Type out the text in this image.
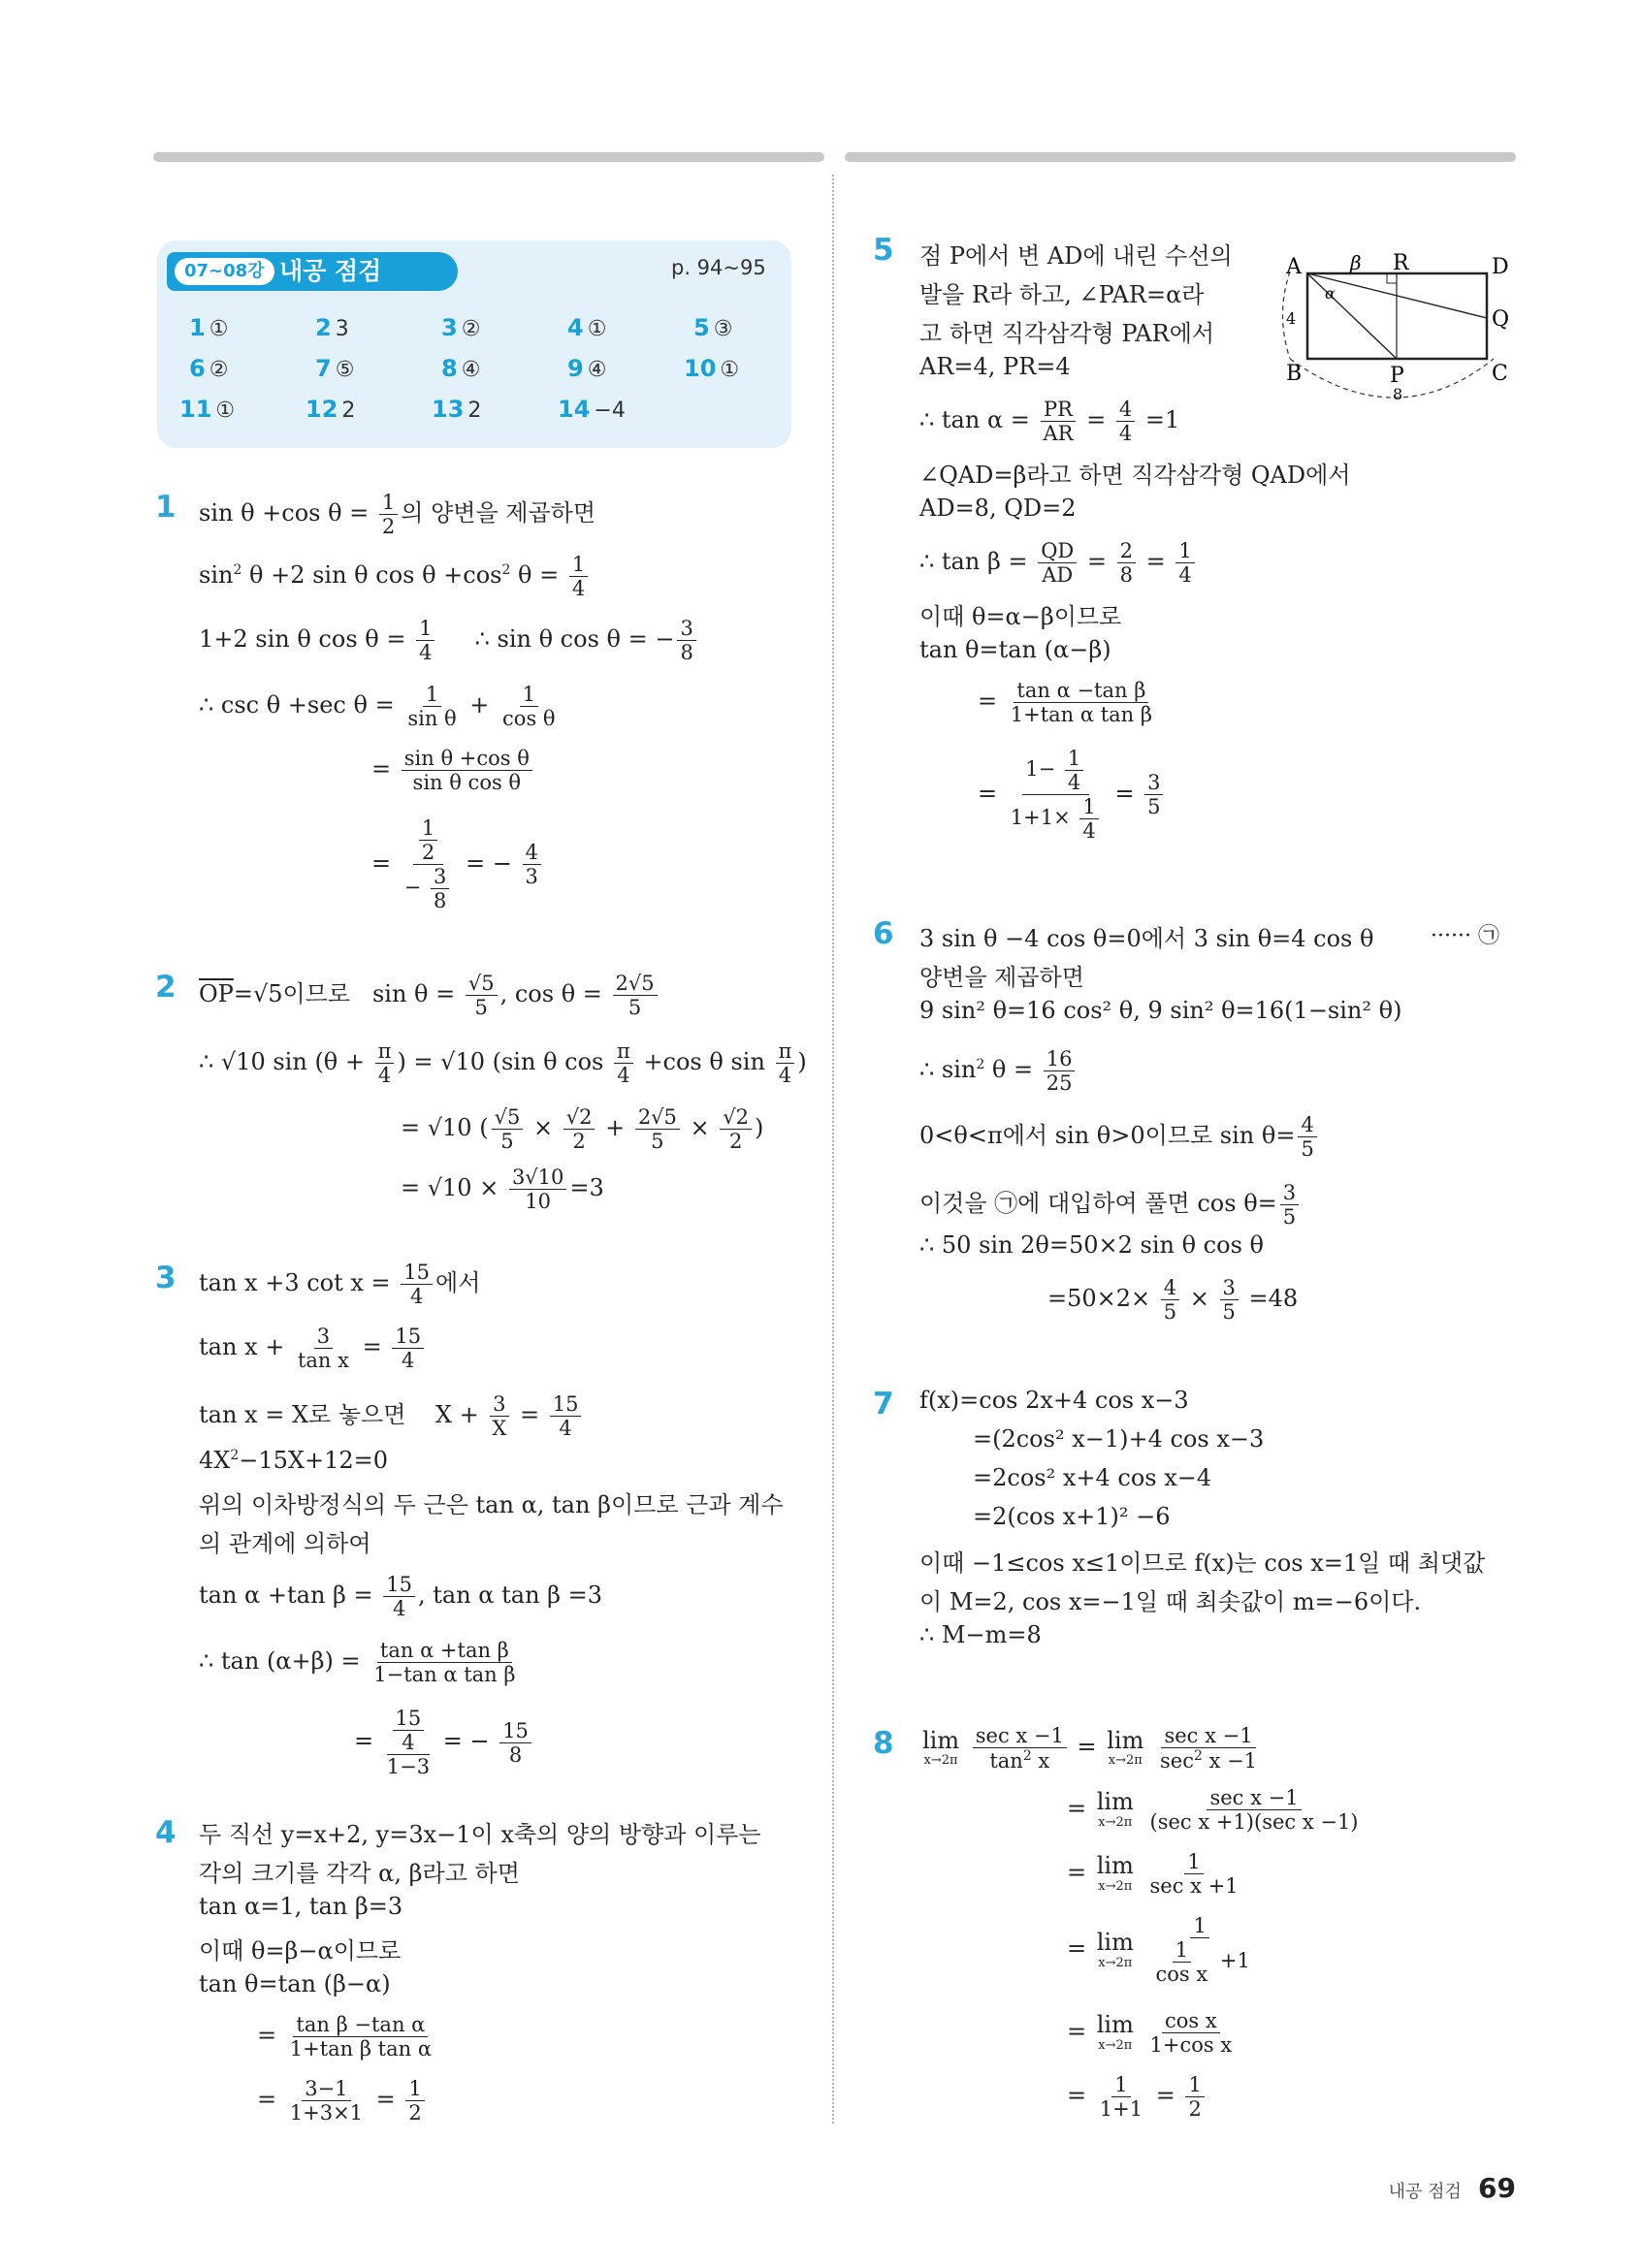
07~08강 내공 점검	p. 94~95
1 ①	2 3	3 ②	4 ①	5 ③
6 ②	7 ⑤	8 ④	9 ④	10 ①
11 ①	12 2	13 2	14 −4
1 sin θ +cos $\theta = \frac{1}{2}$ 의 양변을 제곱하면
$\sin^2 \theta +2$ sin θ $\cos \theta +\cos^2$ $\theta = \frac{1}{4}$
1+2 sin θ $\cos \theta = \frac{1}{4}$ ∴ sin θ cos θ = − $\frac{3}{8}$
∴ csc θ +sec $\theta = \frac{1}{\text{sin θ}} + \frac{1}{\text{cos θ}}$
= $\frac{\text{sin θ +cos θ}}{\text{sin θ cos θ}}$
= $\frac{\frac{1}{2}}{- \frac{3}{8}}$ = − $\frac{4}{3}$
2 $\overline{OP}=√5$이므로   $\sin \theta = \frac{√5}{5}$ , $\cos \theta = \frac{2√5}{5}$
∴ √10 $\sin (\theta + \frac{\pi}{4}$ ) = √10 (sin θ $\cos \frac{\pi}{4} +\cos$ θ $\sin \frac{\pi}{4}$ )
= √10 ( $\frac{√5}{5} \times \frac{√2}{2} + \frac{2√5}{5} \times \frac{√2}{2}$ )
= $√10 \times \frac{3√10}{10} =3$
3 tan x +3 $\cot x = \frac{15}{4}$ 에서
$\tan x + \frac{3}{\text{tan x}} = \frac{15}{4}$
tan x = X로 놓으면    $X + \frac{3}{X} = \frac{15}{4}$
$4X^2-15X+12=0$
위의 이차방정식의 두 근은 tan α, tan β이므로 근과 계수
의 관계에 의하여
tan α +tan $\beta = \frac{15}{4}$ , tan α tan β =3
∴ $\tan (\alpha+\beta) = \frac{\text{tan α +tan β}}{\text{1−tan α tan β}}$
= $\frac{\frac{15}{4}}{1-3}$ = − $\frac{15}{8}$
4 두 직선 y=x+2, y=3x−1이 x축의 양의 방향과 이루는
각의 크기를 각각 α, β라고 하면
tan α=1, tan β=3
이때 θ=β−α이므로
tan θ=tan (β−α)
= $\frac{\text{tan β −tan α}}{\text{1+tan β tan α}}$
= $\frac{3-1}{1+3\times 1} = \frac{1}{2}$
5 점 P에서 변 AD에 내린 수선의
발을 R라 하고, ∠PAR=α라
고 하면 직각삼각형 PAR에서
AR=4, PR=4
∴ $\tan \alpha = \frac{PR}{AR} = \frac{4}{4} =1$
∠QAD=β라고 하면 직각삼각형 QAD에서
AD=8, QD=2
∴ $\tan \beta = \frac{QD}{AD} = \frac{2}{8} = \frac{1}{4}$
이때 θ=α−β이므로
tan θ=tan (α−β)
= $\frac{\text{tan α −tan β}}{\text{1+tan α tan β}}$
= $\frac{1- \frac{1}{4}}{1+1\times \frac{1}{4}} = \frac{3}{5}$
A	D
B	C
P
Q
R
β
α
4
8
6 3 sin θ −4 cos θ=0에서 3 sin θ=4 cos θ	······ ㉠
양변을 제곱하면
9 sin² θ=16 cos² θ, 9 sin² θ=16(1−sin² θ)
∴ $\sin^2 \theta = \frac{16}{25}$
0<θ<π에서 sin θ>0이므로 $\sin \theta= \frac{4}{5}$
이것을 ㉠에 대입하여 풀면 $\cos \theta= \frac{3}{5}$
∴ 50 sin 2θ=50×2 sin θ cos θ
$=50\times 2\times \frac{4}{5} \times \frac{3}{5} =48$
7 f(x)=cos 2x+4 cos x−3
=(2cos² x−1)+4 cos x−3
=2cos² x+4 cos x−4
=2(cos x+1)² −6
이때 −1≤cos x≤1이므로 f(x)는 cos x=1일 때 최댓값
이 M=2, cos x=−1일 때 최솟값이 m=−6이다.
∴ M−m=8
8 lim
x→2π
$\frac{\text{sec x −1}}{\tan^2 x} = \lim$
x→2π
$\frac{\text{sec x −1}}{\sec^2 x -1}$
= lim
x→2π
$\frac{\text{sec x −1}}{\text{(sec x +1)(sec x −1)}}$
= lim
x→2π
$\frac{1}{\text{sec x +1}}$
= lim
x→2π
$\frac{1}{\frac{1}{\text{cos x}} +1}$
= lim
x→2π
$\frac{\text{cos x}}{\text{1+cos x}}$
= $\frac{1}{1+1} = \frac{1}{2}$
내공 점검 69
